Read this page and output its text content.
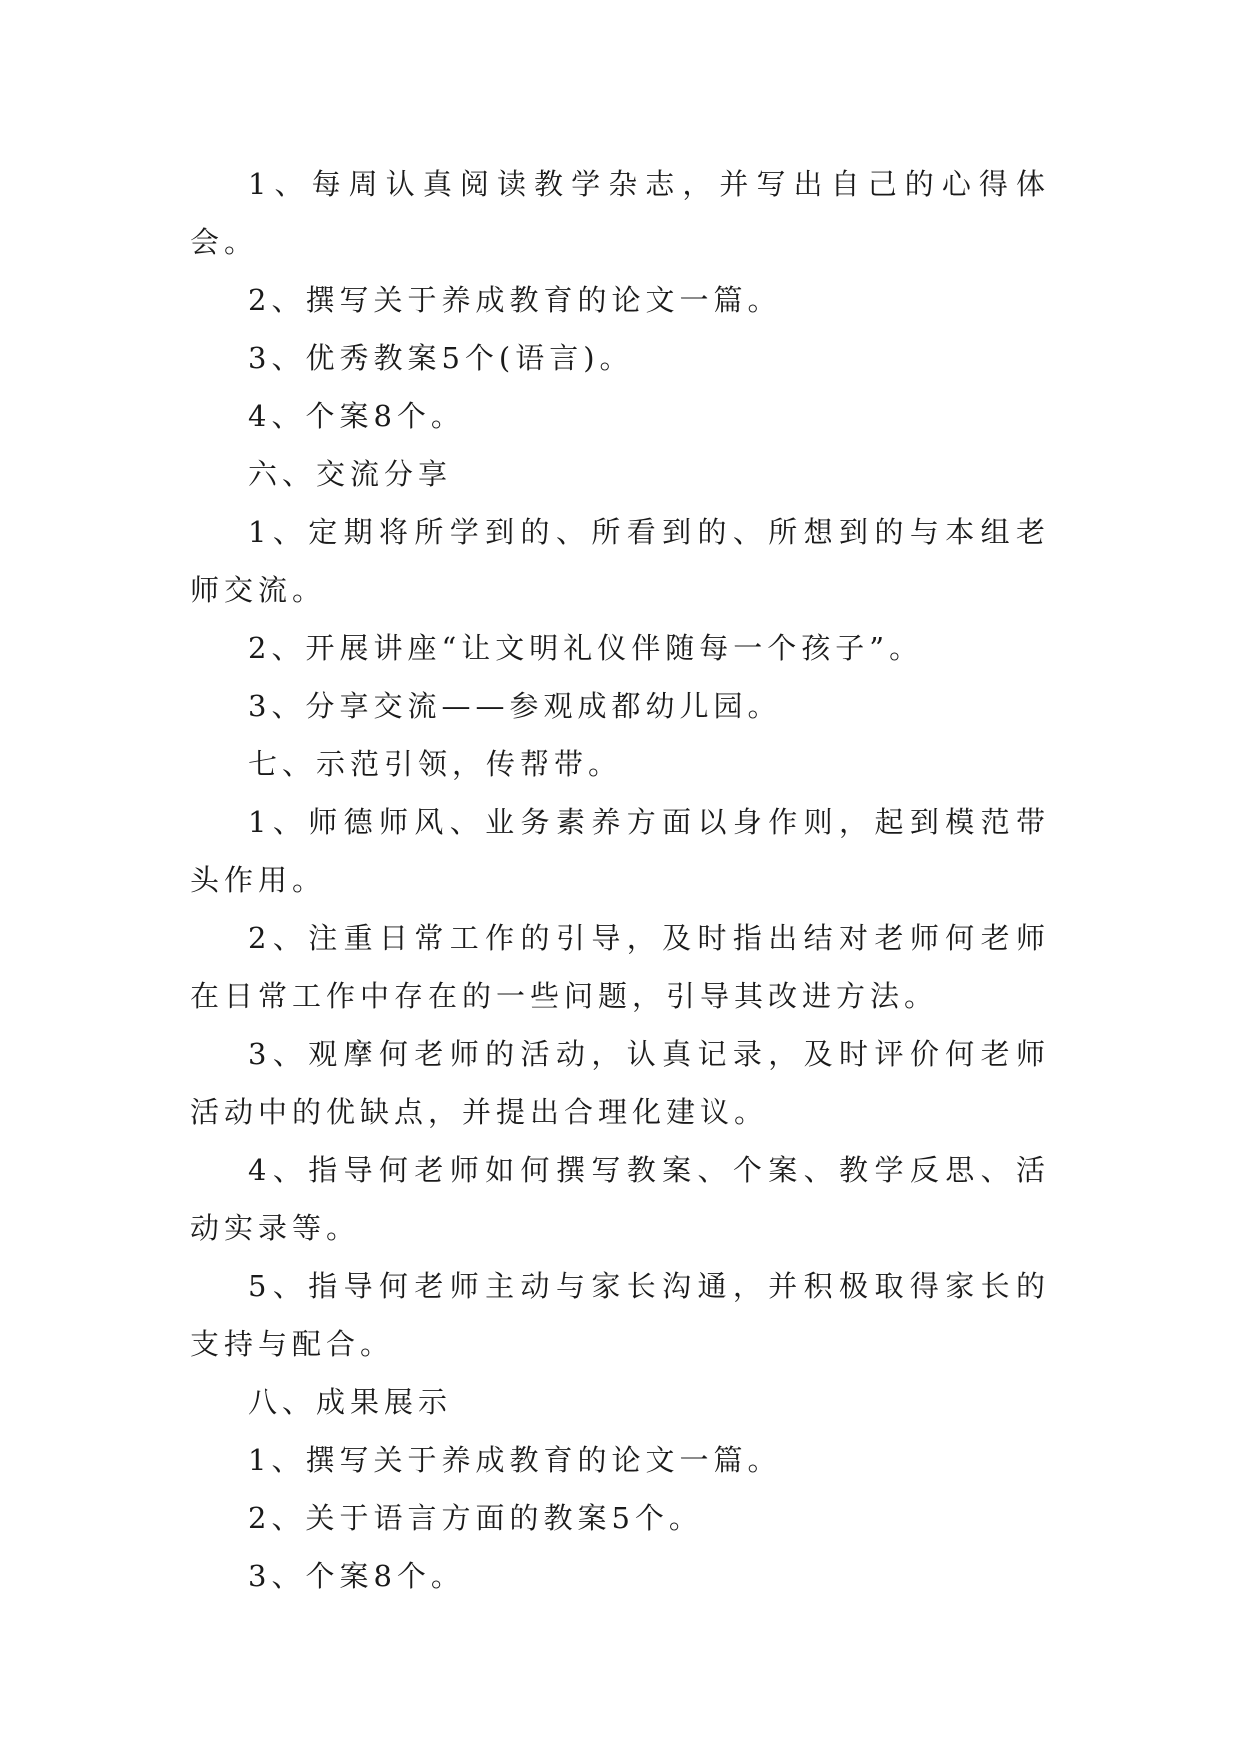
1、每周认真阅读教学杂志，并写出自己的心得体会。

2、撰写关于养成教育的论文一篇。

3、优秀教案5个(语言)。

4、个案8个。

六、交流分享

1、定期将所学到的、所看到的、所想到的与本组老师交流。

2、开展讲座“让文明礼仪伴随每一个孩子”。

3、分享交流——参观成都幼儿园。

七、示范引领，传帮带。

1、师德师风、业务素养方面以身作则，起到模范带头作用。

2、注重日常工作的引导，及时指出结对老师何老师在日常工作中存在的一些问题，引导其改进方法。

3、观摩何老师的活动，认真记录，及时评价何老师活动中的优缺点，并提出合理化建议。

4、指导何老师如何撰写教案、个案、教学反思、活动实录等。

5、指导何老师主动与家长沟通，并积极取得家长的支持与配合。

八、成果展示

1、撰写关于养成教育的论文一篇。

2、关于语言方面的教案5个。

3、个案8个。
